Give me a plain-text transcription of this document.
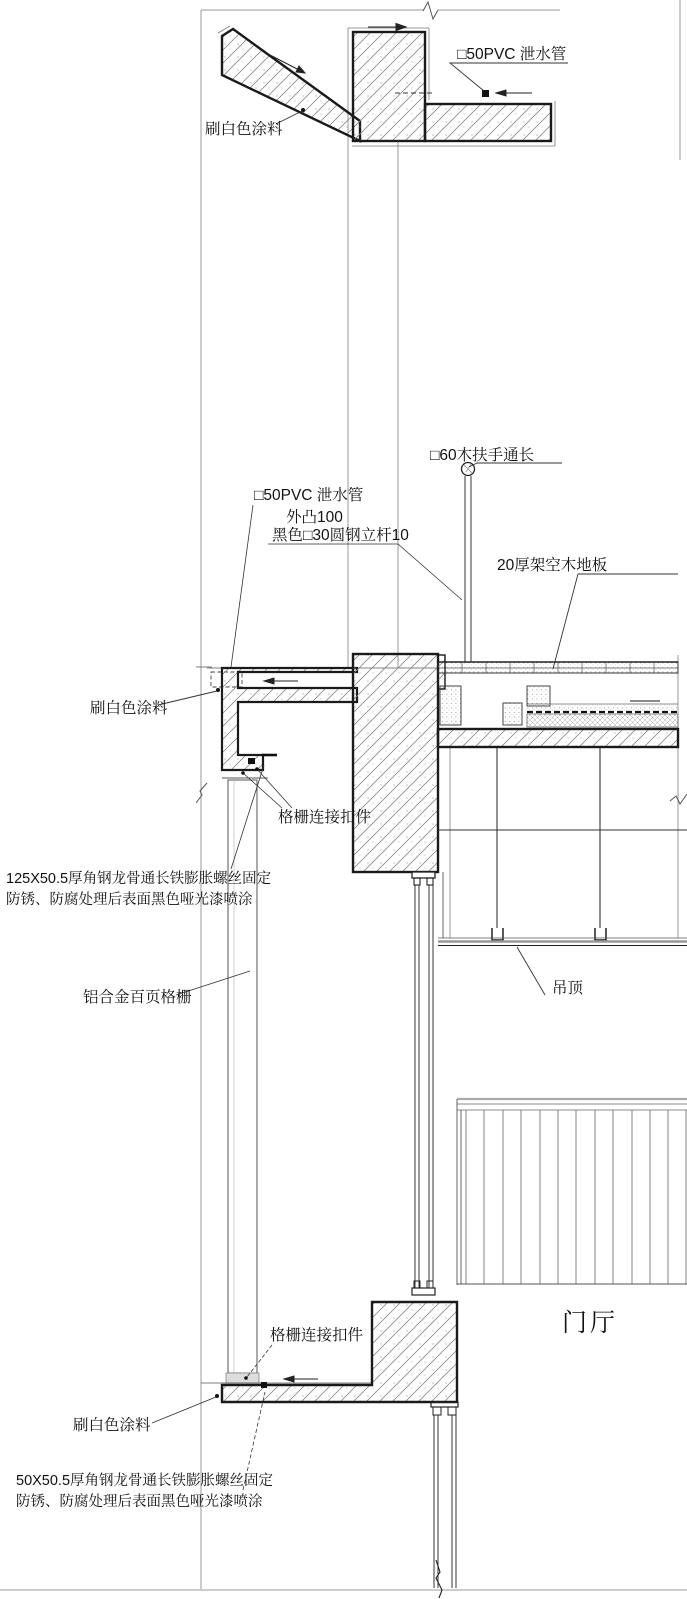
□50PVC 泄水管
刷白色涂料
□60木扶手通长
□50PVC 泄水管
外凸100
黑色□30圆钢立杆10
20厚架空木地板
刷白色涂料
格栅连接扣件
吊顶
铝合金百页格栅
125X50.5厚角钢龙骨通长铁膨胀螺丝固定
防锈、防腐处理后表面黑色哑光漆喷涂
格栅连接扣件
刷白色涂料
50X50.5厚角钢龙骨通长铁膨胀螺丝固定
防锈、防腐处理后表面黑色哑光漆喷涂
门厅
